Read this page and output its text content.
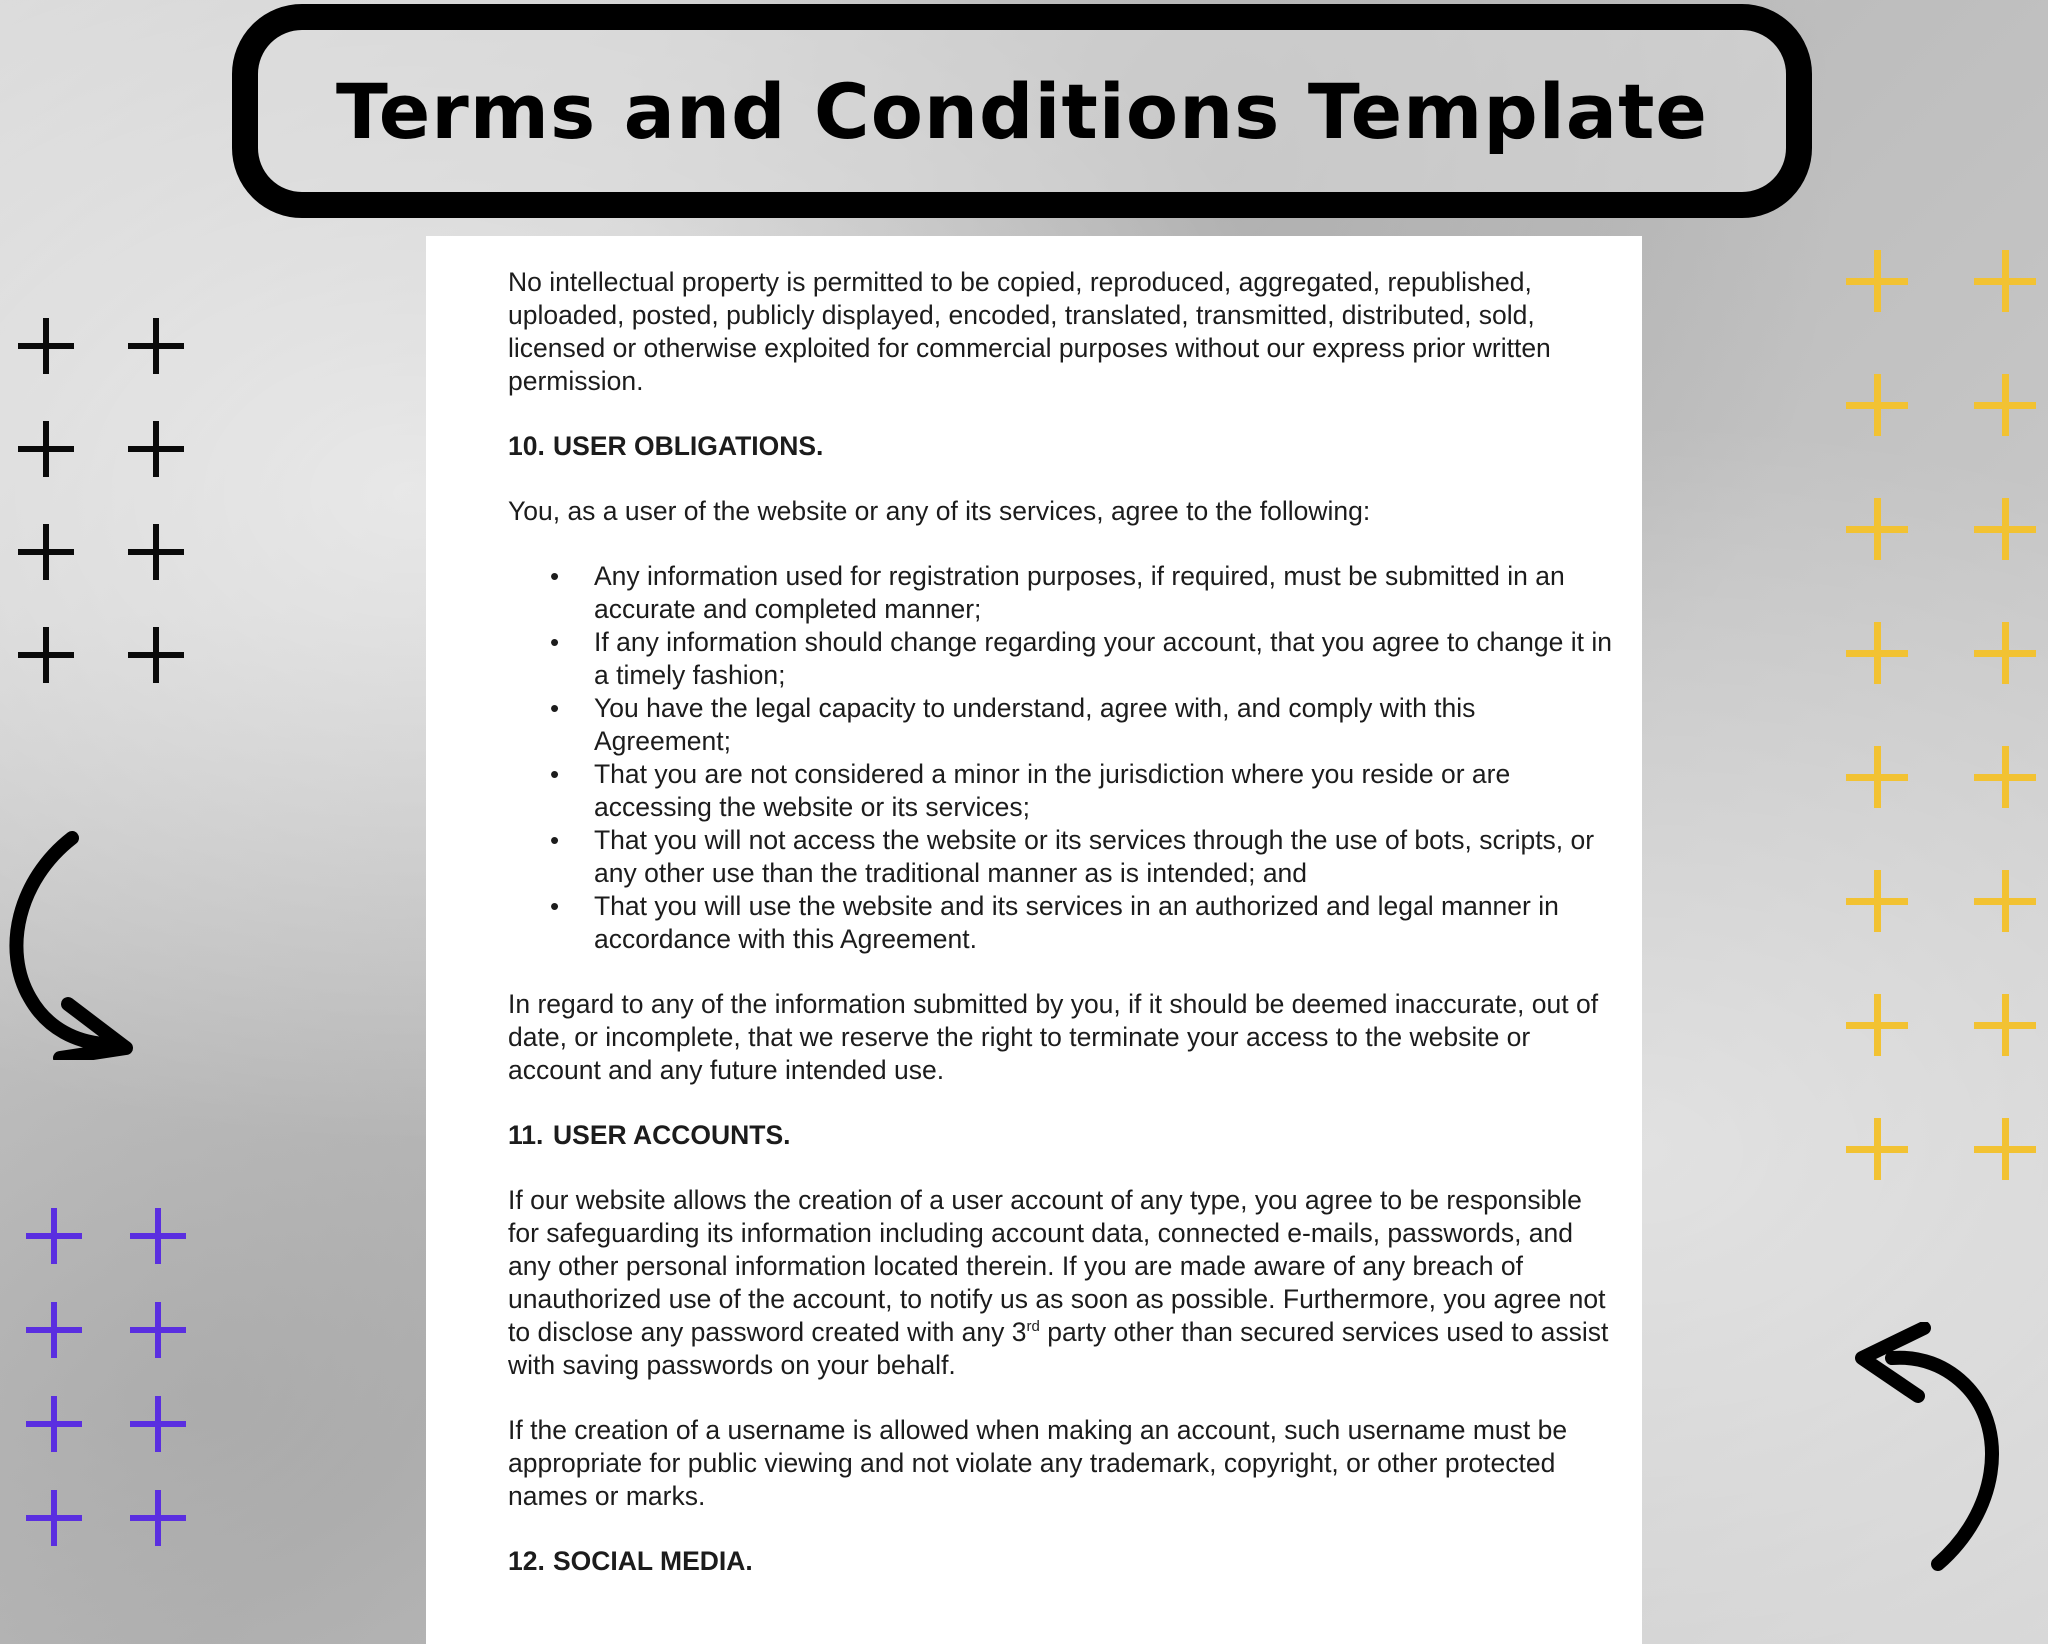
Terms and Conditions Template

No intellectual property is permitted to be copied, reproduced, aggregated, republished, uploaded, posted, publicly displayed, encoded, translated, transmitted, distributed, sold, licensed or otherwise exploited for commercial purposes without our express prior written permission.

10. USER OBLIGATIONS.

You, as a user of the website or any of its services, agree to the following:

• Any information used for registration purposes, if required, must be submitted in an accurate and completed manner;
• If any information should change regarding your account, that you agree to change it in a timely fashion;
• You have the legal capacity to understand, agree with, and comply with this Agreement;
• That you are not considered a minor in the jurisdiction where you reside or are accessing the website or its services;
• That you will not access the website or its services through the use of bots, scripts, or any other use than the traditional manner as is intended; and
• That you will use the website and its services in an authorized and legal manner in accordance with this Agreement.

In regard to any of the information submitted by you, if it should be deemed inaccurate, out of date, or incomplete, that we reserve the right to terminate your access to the website or account and any future intended use.

11. USER ACCOUNTS.

If our website allows the creation of a user account of any type, you agree to be responsible for safeguarding its information including account data, connected e-mails, passwords, and any other personal information located therein. If you are made aware of any breach of unauthorized use of the account, to notify us as soon as possible. Furthermore, you agree not to disclose any password created with any 3rd party other than secured services used to assist with saving passwords on your behalf.

If the creation of a username is allowed when making an account, such username must be appropriate for public viewing and not violate any trademark, copyright, or other protected names or marks.

12. SOCIAL MEDIA.
